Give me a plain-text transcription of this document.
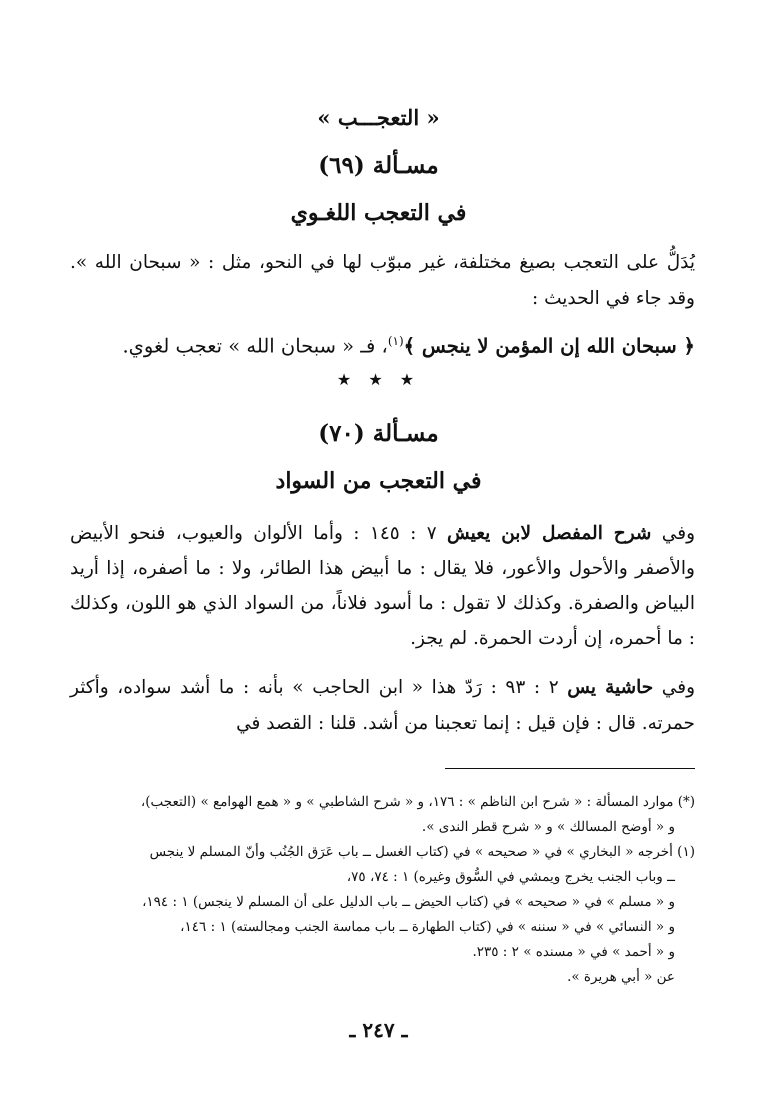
« التعجـــب »
مسـألة (٦٩)
في التعجب اللغـوي
يُدَلُّ على التعجب بصيغ مختلفة، غير مبوّب لها في النحو، مثل : « سبحان الله ». وقد جاء في الحديث :
﴿ سبحان الله إن المؤمن لا ينجس ﴾$^{(١)}$، فـ « سبحان الله » تعجب لغوي.
★ ★ ★
مسـألة (٧٠)
في التعجب من السواد
وفي شرح المفصل لابن يعيش ٧ : ١٤٥ : وأما الألوان والعيوب، فنحو الأبيض والأصفر والأحول والأعور، فلا يقال : ما أبيض هذا الطائر، ولا : ما أصفره، إذا أريد البياض والصفرة. وكذلك لا تقول : ما أسود فلاناً، من السواد الذي هو اللون، وكذلك : ما أحمره، إن أردت الحمرة. لم يجز.
وفي حاشية يس ٢ : ٩٣ : رَدّ هذا « ابن الحاجب » بأنه : ما أشد سواده، وأكثر حمرته. قال : فإن قيل : إنما تعجبنا من أشد. قلنا : القصد في
(*) موارد المسألة : « شرح ابن الناظم » : ١٧٦، و « شرح الشاطبي » و « همع الهوامع » (التعجب)،
و « أوضح المسالك » و « شرح قطر الندى ».
(١) أخرجه « البخاري » في « صحيحه » في (كتاب الغسل ــ باب عَرَق الجُنُب وأنّ المسلم لا ينجس
ــ وباب الجنب يخرج ويمشي في السُّوق وغيره) ١ : ٧٤، ٧٥،
و « مسلم » في « صحيحه » في (كتاب الحيض ــ باب الدليل على أن المسلم لا ينجس) ١ : ١٩٤،
و « النسائي » في « سننه » في (كتاب الطهارة ــ باب مماسة الجنب ومجالسته) ١ : ١٤٦،
و « أحمد » في « مسنده » ٢ : ٢٣٥.
عن « أبي هريرة ».
ـ ٢٤٧ ـ
